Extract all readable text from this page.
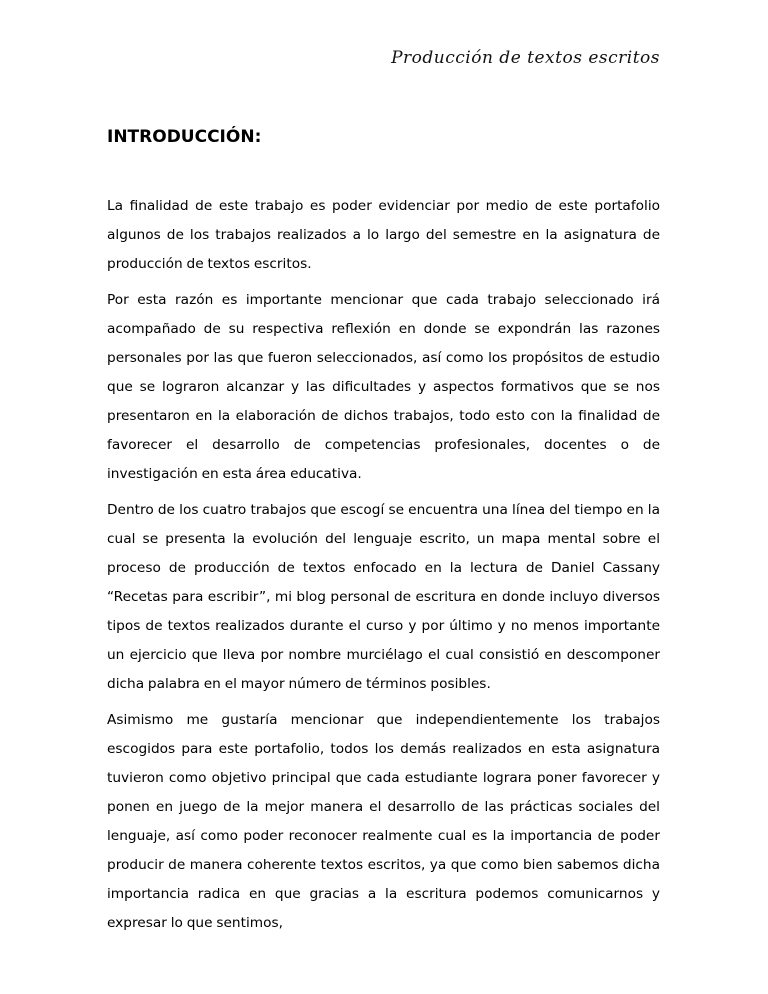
Producción de textos escritos
INTRODUCCIÓN:

La finalidad de este trabajo es poder evidenciar por medio de este portafolio algunos de los trabajos realizados a lo largo del semestre en la asignatura de producción de textos escritos.

Por esta razón es importante mencionar que cada trabajo seleccionado irá acompañado de su respectiva reflexión en donde se expondrán las razones personales por las que fueron seleccionados, así como los propósitos de estudio que se lograron alcanzar y las dificultades y aspectos formativos que se nos presentaron en la elaboración de dichos trabajos, todo esto con la finalidad de favorecer el desarrollo de competencias profesionales, docentes o de investigación en esta área educativa.

Dentro de los cuatro trabajos que escogí se encuentra una línea del tiempo en la cual se presenta la evolución del lenguaje escrito, un mapa mental sobre el proceso de producción de textos enfocado en la lectura de Daniel Cassany “Recetas para escribir”, mi blog personal de escritura en donde incluyo diversos tipos de textos realizados durante el curso y por último y no menos importante un ejercicio que lleva por nombre murciélago el cual consistió en descomponer dicha palabra en el mayor número de términos posibles.

Asimismo me gustaría mencionar que independientemente los trabajos escogidos para este portafolio, todos los demás realizados en esta asignatura tuvieron como objetivo principal que cada estudiante lograra poner favorecer y ponen en juego de la mejor manera el desarrollo de las prácticas sociales del lenguaje, así como poder reconocer realmente cual es la importancia de poder producir de manera coherente textos escritos, ya que como bien sabemos dicha importancia radica en que gracias a la escritura podemos comunicarnos y expresar lo que sentimos,
